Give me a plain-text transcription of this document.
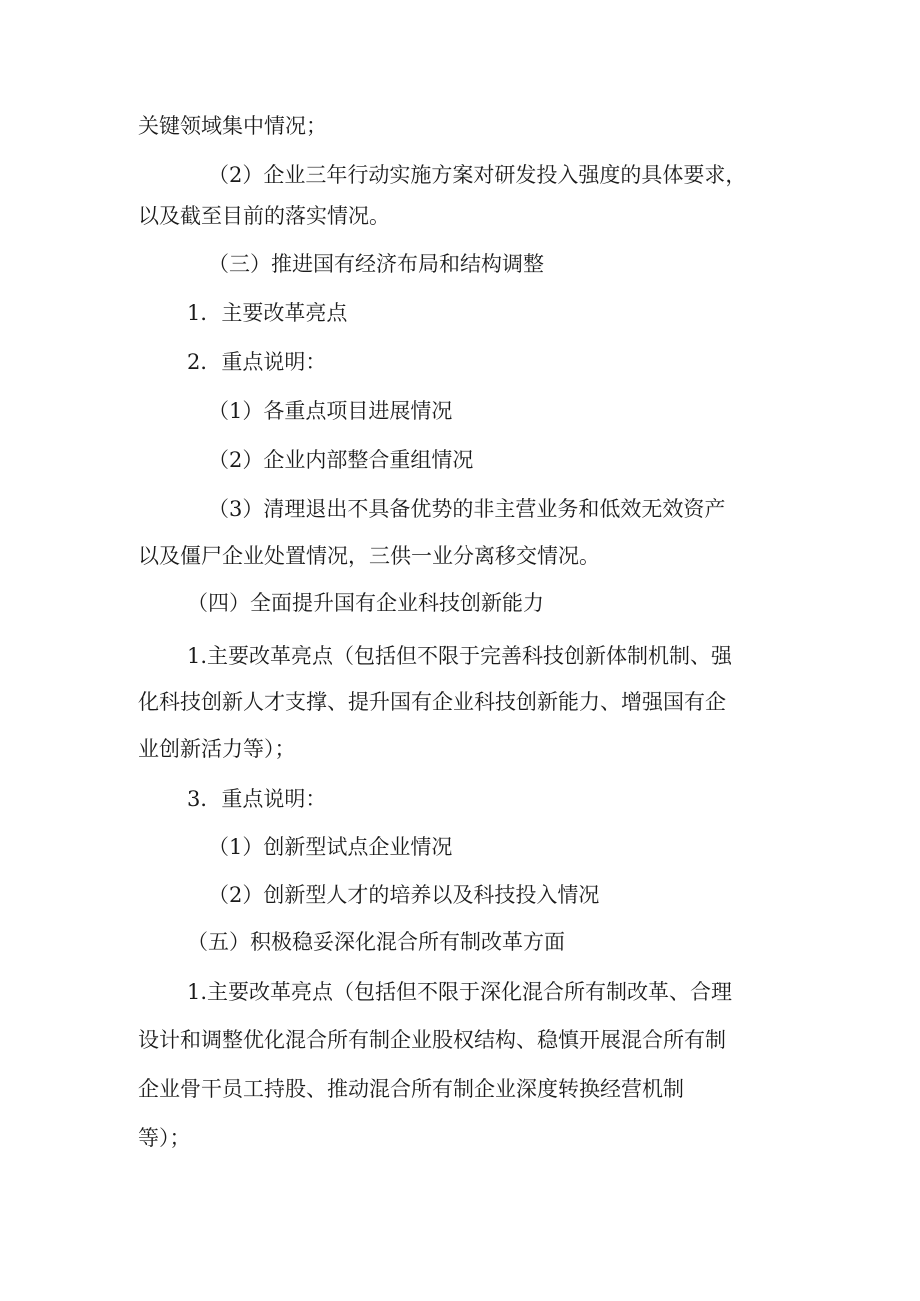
关键领域集中情况；
（2）企业三年行动实施方案对研发投入强度的具体要求，
以及截至目前的落实情况。
（三）推进国有经济布局和结构调整
1．主要改革亮点
2．重点说明：
（1）各重点项目进展情况
（2）企业内部整合重组情况
（3）清理退出不具备优势的非主营业务和低效无效资产
以及僵尸企业处置情况，三供一业分离移交情况。
（四）全面提升国有企业科技创新能力
1.主要改革亮点（包括但不限于完善科技创新体制机制、强
化科技创新人才支撑、提升国有企业科技创新能力、增强国有企
业创新活力等）；
3．重点说明：
（1）创新型试点企业情况
（2）创新型人才的培养以及科技投入情况
（五）积极稳妥深化混合所有制改革方面
1.主要改革亮点（包括但不限于深化混合所有制改革、合理
设计和调整优化混合所有制企业股权结构、稳慎开展混合所有制
企业骨干员工持股、推动混合所有制企业深度转换经营机制
等）；
